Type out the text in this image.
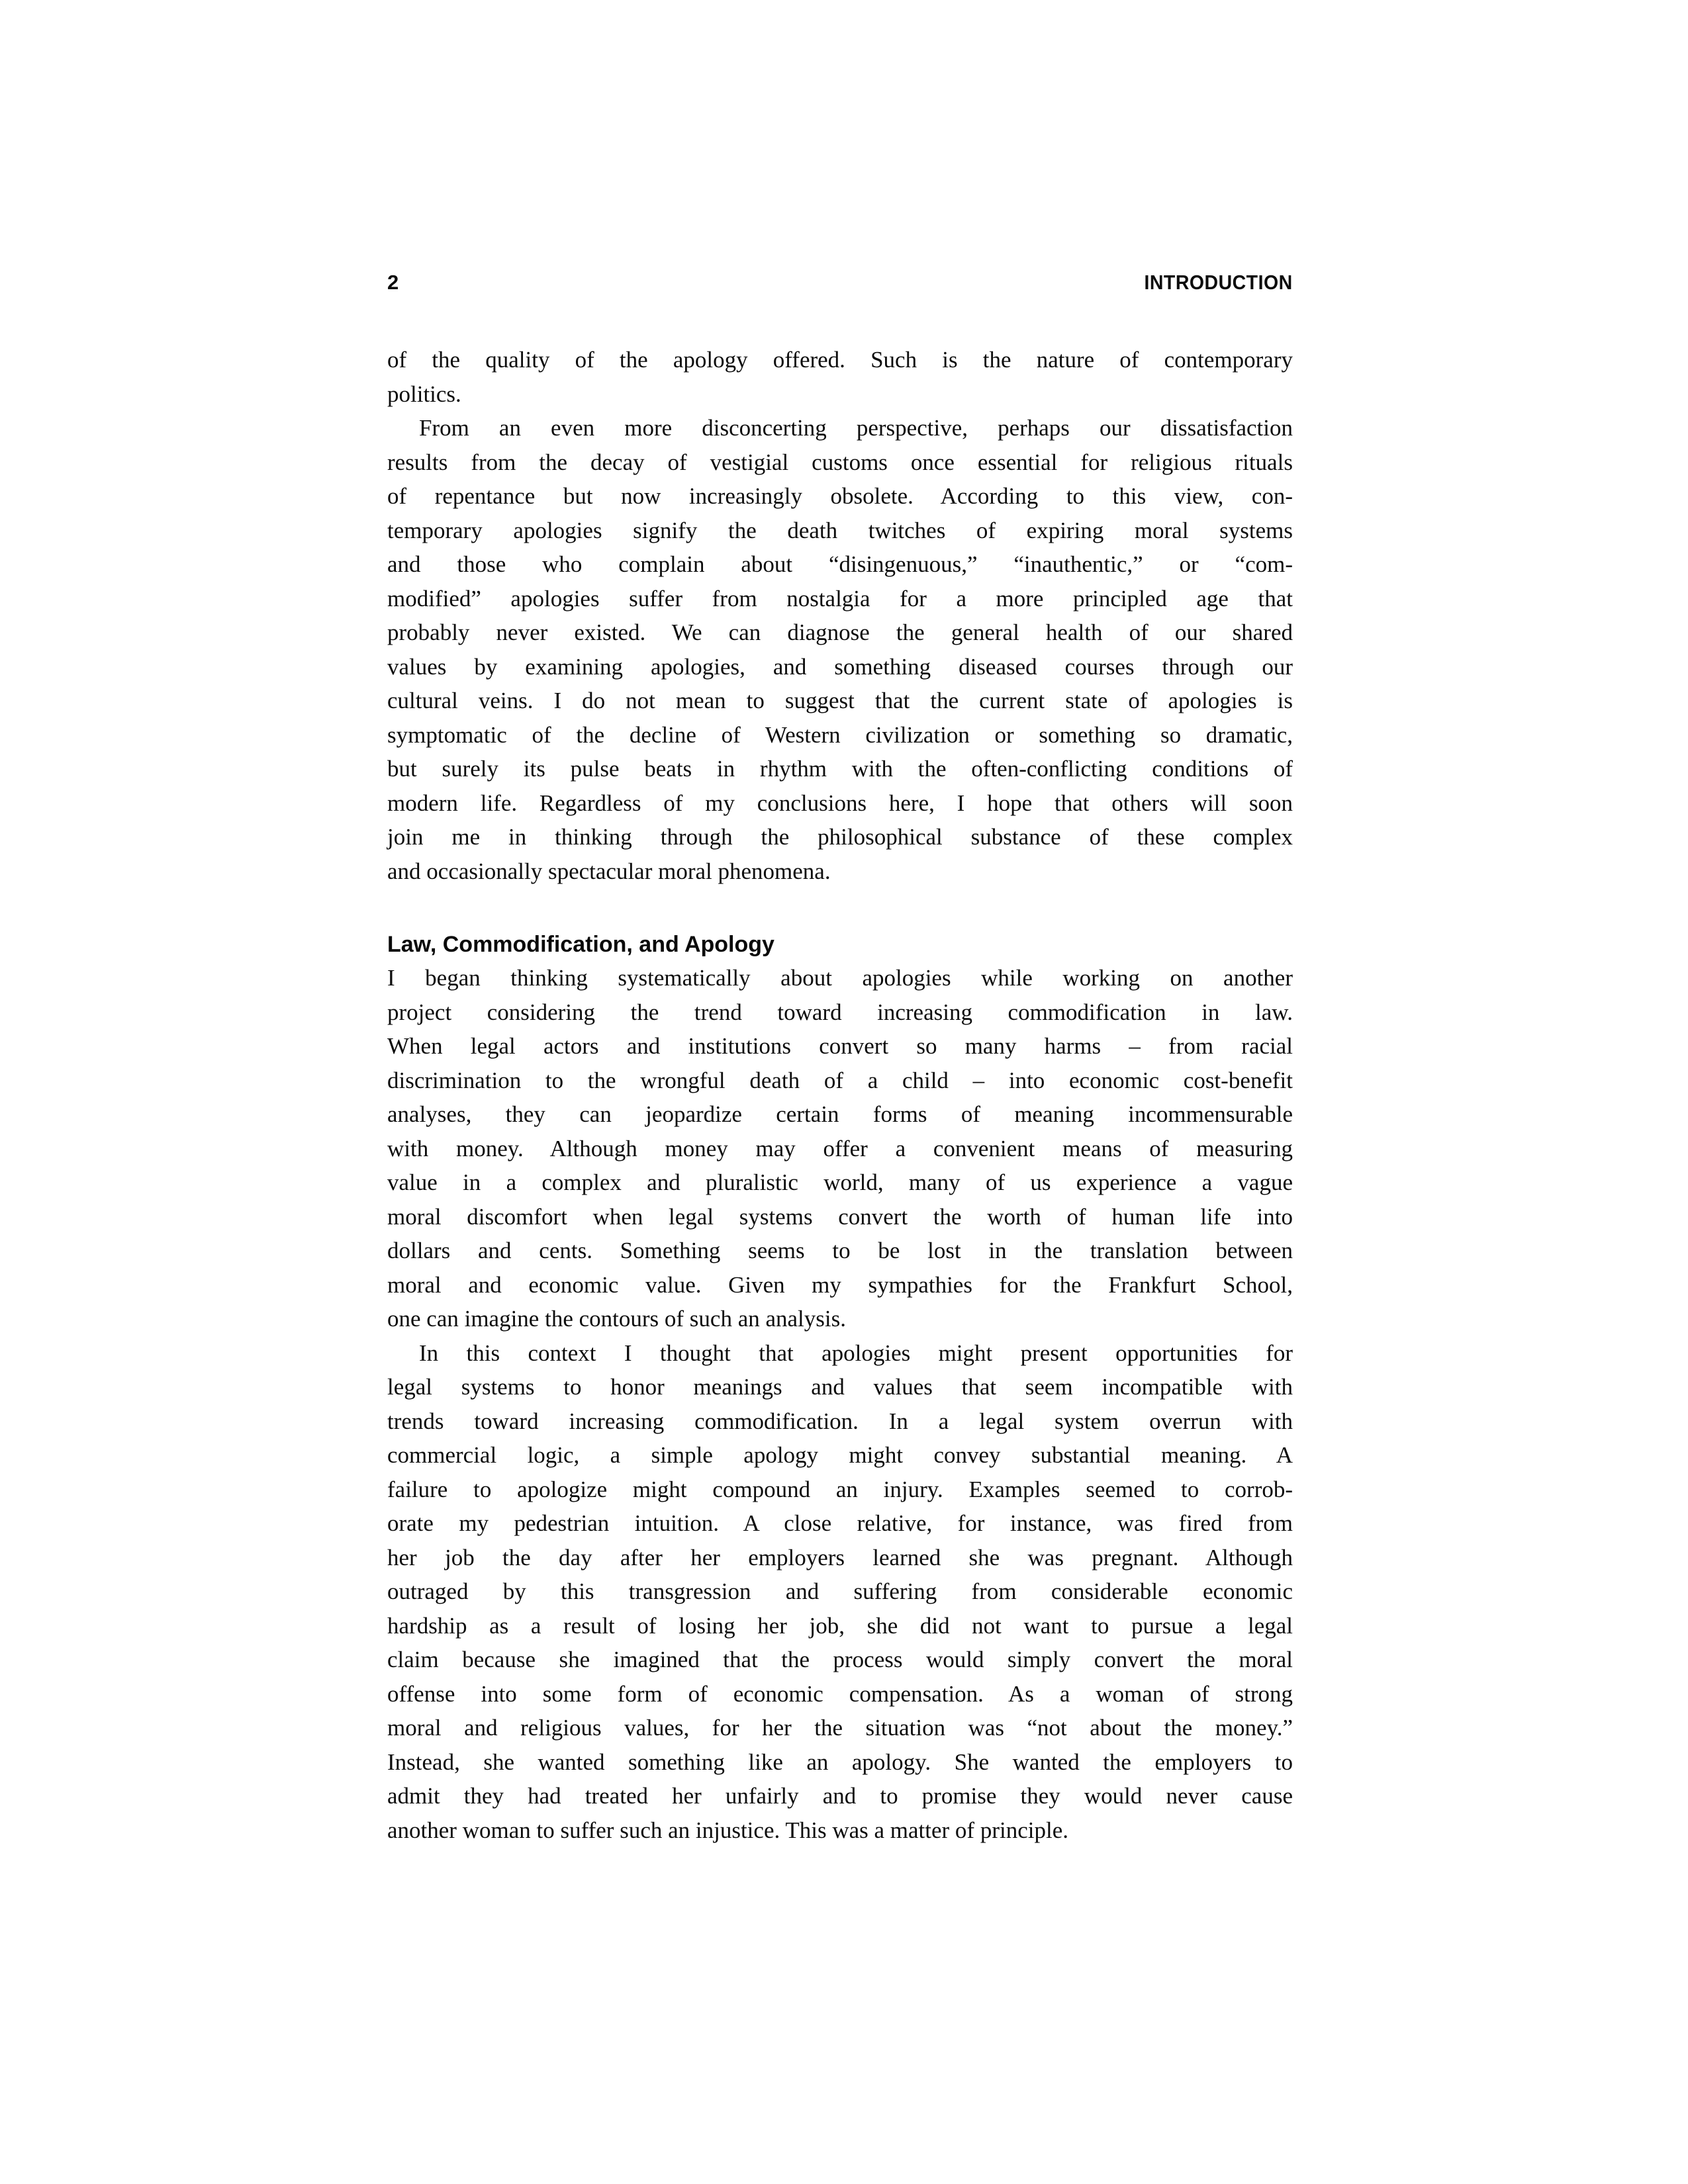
2	INTRODUCTION
of the quality of the apology offered. Such is the nature of contemporary
politics.
From an even more disconcerting perspective, perhaps our dissatisfaction
results from the decay of vestigial customs once essential for religious rituals
of repentance but now increasingly obsolete. According to this view, con-
temporary apologies signify the death twitches of expiring moral systems
and those who complain about “disingenuous,” “inauthentic,” or “com-
modified” apologies suffer from nostalgia for a more principled age that
probably never existed. We can diagnose the general health of our shared
values by examining apologies, and something diseased courses through our
cultural veins. I do not mean to suggest that the current state of apologies is
symptomatic of the decline of Western civilization or something so dramatic,
but surely its pulse beats in rhythm with the often-conflicting conditions of
modern life. Regardless of my conclusions here, I hope that others will soon
join me in thinking through the philosophical substance of these complex
and occasionally spectacular moral phenomena.
Law, Commodification, and Apology
I began thinking systematically about apologies while working on another
project considering the trend toward increasing commodification in law.
When legal actors and institutions convert so many harms – from racial
discrimination to the wrongful death of a child – into economic cost-benefit
analyses, they can jeopardize certain forms of meaning incommensurable
with money. Although money may offer a convenient means of measuring
value in a complex and pluralistic world, many of us experience a vague
moral discomfort when legal systems convert the worth of human life into
dollars and cents. Something seems to be lost in the translation between
moral and economic value. Given my sympathies for the Frankfurt School,
one can imagine the contours of such an analysis.
In this context I thought that apologies might present opportunities for
legal systems to honor meanings and values that seem incompatible with
trends toward increasing commodification. In a legal system overrun with
commercial logic, a simple apology might convey substantial meaning. A
failure to apologize might compound an injury. Examples seemed to corrob-
orate my pedestrian intuition. A close relative, for instance, was fired from
her job the day after her employers learned she was pregnant. Although
outraged by this transgression and suffering from considerable economic
hardship as a result of losing her job, she did not want to pursue a legal
claim because she imagined that the process would simply convert the moral
offense into some form of economic compensation. As a woman of strong
moral and religious values, for her the situation was “not about the money.”
Instead, she wanted something like an apology. She wanted the employers to
admit they had treated her unfairly and to promise they would never cause
another woman to suffer such an injustice. This was a matter of principle.
